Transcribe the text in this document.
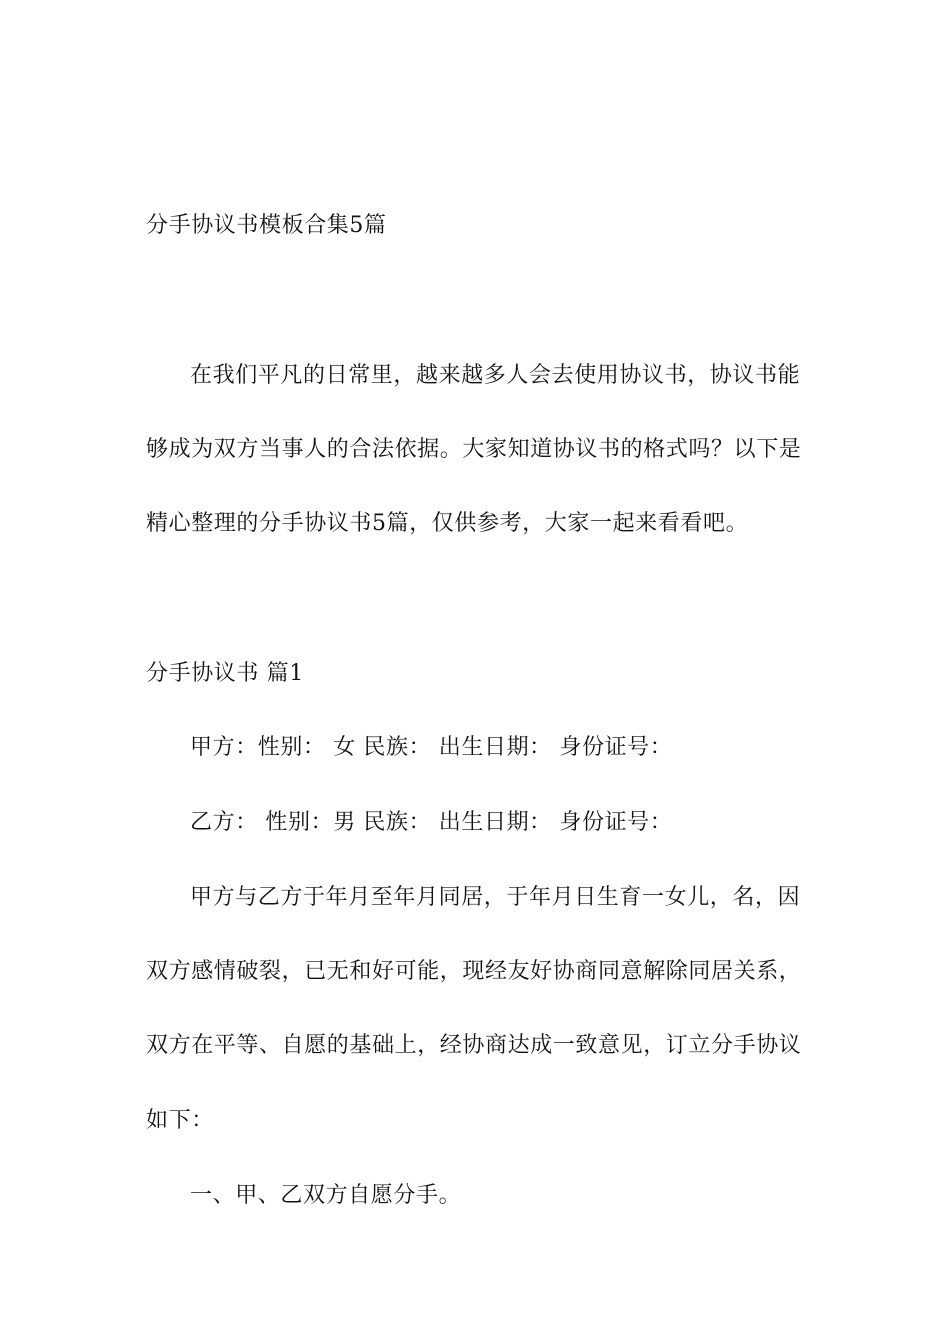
分手协议书模板合集5篇
在我们平凡的日常里，越来越多人会去使用协议书，协议书能
够成为双方当事人的合法依据。大家知道协议书的格式吗？以下是
精心整理的分手协议书5篇，仅供参考，大家一起来看看吧。
分手协议书 篇1
甲方：性别： 女 民族： 出生日期： 身份证号：
乙方： 性别：男 民族： 出生日期： 身份证号：
甲方与乙方于年月至年月同居，于年月日生育一女儿，名，因
双方感情破裂，已无和好可能，现经友好协商同意解除同居关系，
双方在平等、自愿的基础上，经协商达成一致意见，订立分手协议
如下：
一、甲、乙双方自愿分手。
